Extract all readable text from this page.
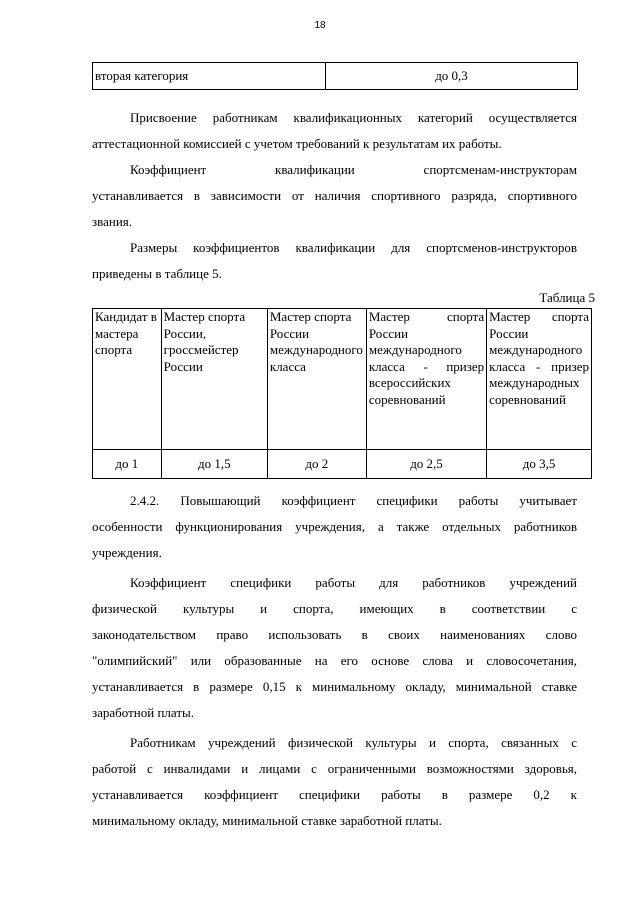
18
вторая категория	до 0,3
Присвоение работникам квалификационных категорий осуществляется
аттестационной комиссией с учетом требований к результатам их работы.
Коэффициент квалификации спортсменам-инструкторам
устанавливается в зависимости от наличия спортивного разряда, спортивного
звания.
Размеры коэффициентов квалификации для спортсменов-инструкторов
приведены в таблице 5.
Таблица 5
Кандидат в мастера спорта	Мастер спорта России, гроссмейстер России	Мастер спорта России международного класса	Мастер спорта России международного класса - призер всероссийских соревнований	Мастер спорта России международного класса - призер международных соревнований
до 1	до 1,5	до 2	до 2,5	до 3,5
2.4.2. Повышающий коэффициент специфики работы учитывает
особенности функционирования учреждения, а также отдельных работников
учреждения.
Коэффициент специфики работы для работников учреждений
физической культуры и спорта, имеющих в соответствии с
законодательством право использовать в своих наименованиях слово
"олимпийский" или образованные на его основе слова и словосочетания,
устанавливается в размере 0,15 к минимальному окладу, минимальной ставке
заработной платы.
Работникам учреждений физической культуры и спорта, связанных с
работой с инвалидами и лицами с ограниченными возможностями здоровья,
устанавливается коэффициент специфики работы в размере 0,2 к
минимальному окладу, минимальной ставке заработной платы.
